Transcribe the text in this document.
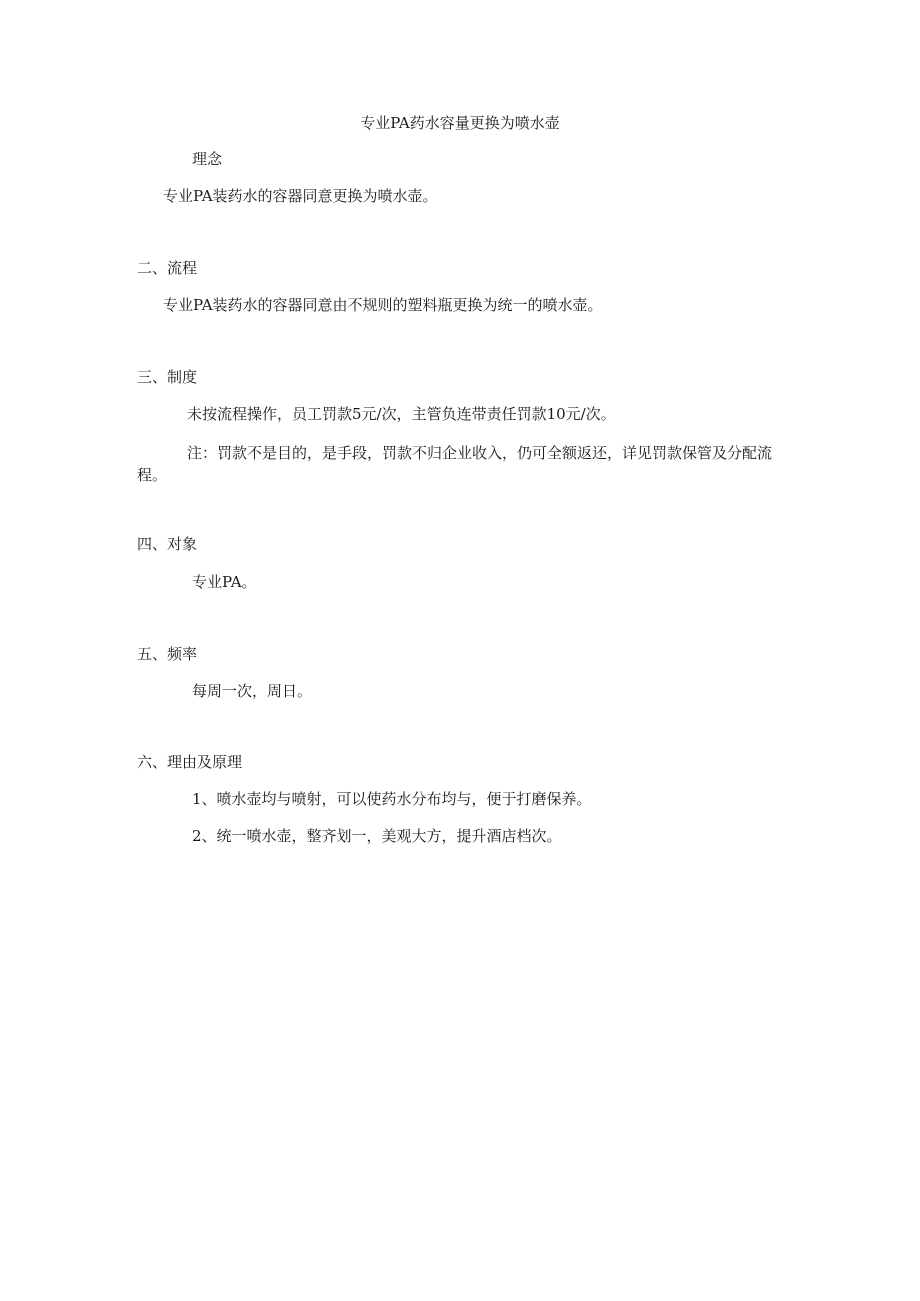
专业PA药水容量更换为喷水壶
理念
专业PA装药水的容器同意更换为喷水壶。
二、流程
专业PA装药水的容器同意由不规则的塑料瓶更换为统一的喷水壶。
三、制度
未按流程操作，员工罚款5元/次，主管负连带责任罚款10元/次。
注：罚款不是目的，是手段，罚款不归企业收入，仍可全额返还，详见罚款保管及分配流程。
四、对象
专业PA。
五、频率
每周一次，周日。
六、理由及原理
1、喷水壶均与喷射，可以使药水分布均与，便于打磨保养。
2、统一喷水壶，整齐划一，美观大方，提升酒店档次。
